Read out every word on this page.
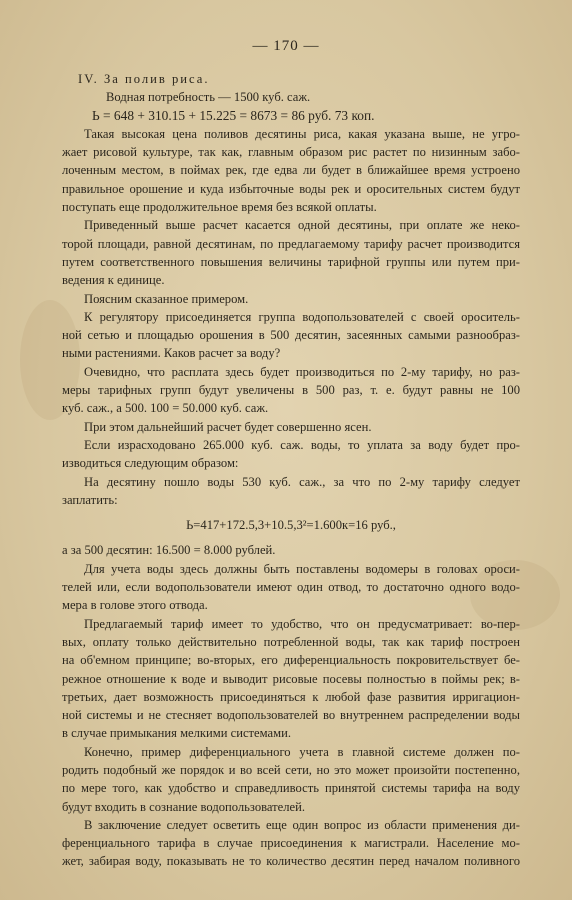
— 170 —
IV. За полив риса.
Водная потребность — 1500 куб. саж.
Ь = 648 + 310.15 + 15.225 = 8673 = 86 руб. 73 коп.
Такая высокая цена поливов десятины риса, какая указана выше, не угро-
жает рисовой культуре, так как, главным образом рис растет по низинным забо-
лоченным местом, в поймах рек, где едва ли будет в ближайшее время устроено
правильное орошение и куда избыточные воды рек и оросительных систем будут
поступать еще продолжительное время без всякой оплаты.
Приведенный выше расчет касается одной десятины, при оплате же неко-
торой площади, равной десятинам, по предлагаемому тарифу расчет производится
путем соответственного повышения величины тарифной группы или путем при-
ведения к единице.
Поясним сказанное примером.
К регулятору присоединяется группа водопользователей с своей ороситель-
ной сетью и площадью орошения в 500 десятин, засеянных самыми разнообраз-
ными растениями. Каков расчет за воду?
Очевидно, что расплата здесь будет производиться по 2-му тарифу, но раз-
меры тарифных групп будут увеличены в 500 раз, т. е. будут равны не 100
куб. саж., а 500. 100 = 50.000 куб. саж.
При этом дальнейший расчет будет совершенно ясен.
Если израсходовано 265.000 куб. саж. воды, то уплата за воду будет про-
изводиться следующим образом:
На десятину пошло воды 530 куб. саж., за что по 2-му тарифу следует
заплатить:
Ь=417+172.5,3+10.5,3²=1.600к=16 руб.,
а за 500 десятин: 16.500 = 8.000 рублей.
Для учета воды здесь должны быть поставлены водомеры в головах ороси-
телей или, если водопользователи имеют один отвод, то достаточно одного водо-
мера в голове этого отвода.
Предлагаемый тариф имеет то удобство, что он предусматривает: во-пер-
вых, оплату только действительно потребленной воды, так как тариф построен
на об'емном принципе; во-вторых, его диференциальность покровительствует бе-
режное отношение к воде и выводит рисовые посевы полностью в поймы рек; в-
третьих, дает возможность присоединяться к любой фазе развития ирригацион-
ной системы и не стесняет водопользователей во внутреннем распределении воды
в случае примыкания мелкими системами.
Конечно, пример диференциального учета в главной системе должен по-
родить подобный же порядок и во всей сети, но это может произойти постепенно,
по мере того, как удобство и справедливость принятой системы тарифа на воду
будут входить в сознание водопользователей.
В заключение следует осветить еще один вопрос из области применения ди-
ференциального тарифа в случае присоединения к магистрали. Население мо-
жет, забирая воду, показывать не то количество десятин перед началом поливного
